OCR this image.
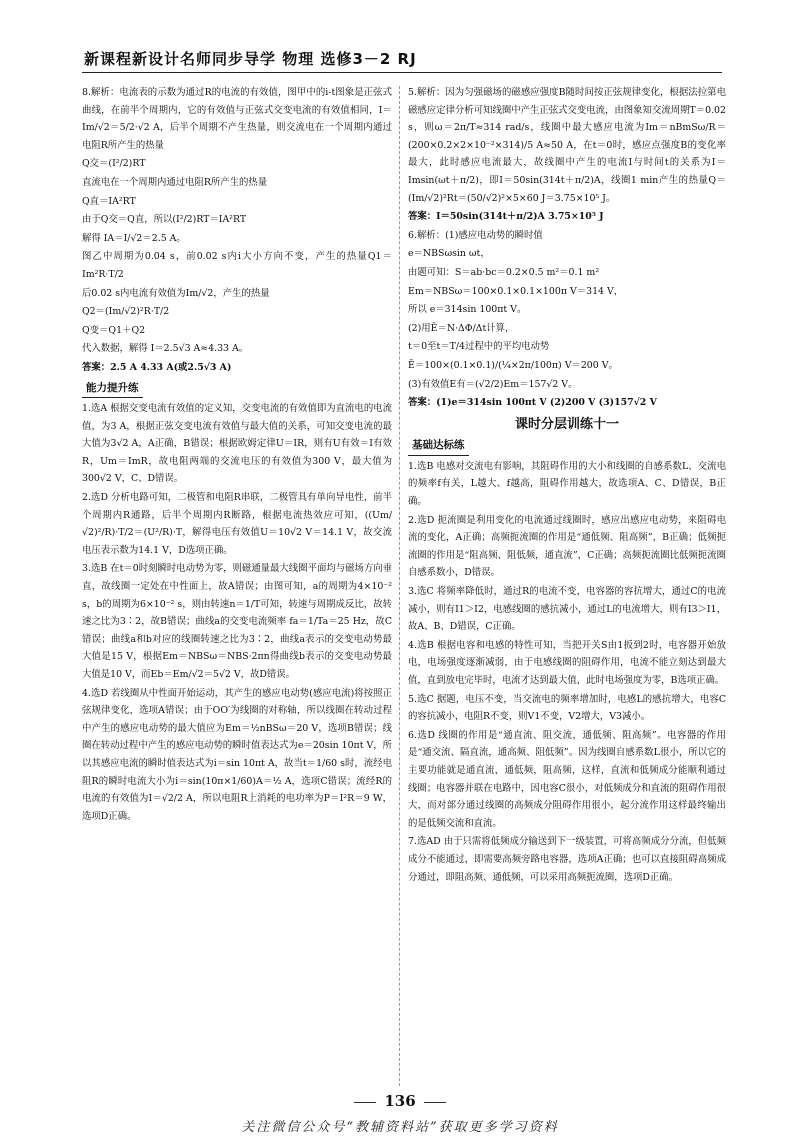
新课程新设计名师同步导学 物理 选修3－2 RJ

8.解析：电流表的示数为通过R的电流的有效值，图甲中的i-t图象是正弦式曲线，在前半个周期内，它的有效值与正弦式交变电流的有效值相同，I＝Im/√2＝5/2·√2 A，后半个周期不产生热量，则交流电在一个周期内通过电阻R所产生的热量

Q交＝(I²/2)RT

直流电在一个周期内通过电阻R所产生的热量

Q直＝IA²RT

由于Q交＝Q直，所以(I²/2)RT＝IA²RT

解得 IA＝I/√2＝2.5 A。

图乙中周期为0.04 s，前0.02 s内i大小方向不变，产生的热量Q1＝Im²R·T/2

后0.02 s内电流有效值为Im/√2，产生的热量

Q2＝(Im/√2)²R·T/2

Q变＝Q1＋Q2

代入数据，解得 I＝2.5√3 A≈4.33 A。

答案：2.5 A 4.33 A(或2.5√3 A)

能力提升练

1.选A 根据交变电流有效值的定义知，交变电流的有效值即为直流电的电流值，为3 A，根据正弦交变电流有效值与最大值的关系，可知交变电流的最大值为3√2 A，A正确，B错误；根据欧姆定律U＝IR，则有U有效＝I有效R，Um＝ImR，故电阻两端的交流电压的有效值为300 V，最大值为300√2 V，C、D错误。

2.选D 分析电路可知，二极管和电阻R串联，二极管具有单向导电性，前半个周期内R通路，后半个周期内R断路，根据电流热效应可知，((Um/√2)²/R)·T/2＝(U²/R)·T，解得电压有效值U＝10√2 V＝14.1 V，故交流电压表示数为14.1 V，D选项正确。

3.选B 在t＝0时刻瞬时电动势为零，则磁通量最大线圈平面均与磁场方向垂直，故线圈一定处在中性面上，故A错误；由图可知，a的周期为4×10⁻² s，b的周期为6×10⁻² s，则由转速n＝1/T可知，转速与周期成反比，故转速之比为3∶2，故B错误；曲线a的交变电流频率 fa＝1/Ta＝25 Hz，故C错误；曲线a和b对应的线圈转速之比为3∶2，曲线a表示的交变电动势最大值是15 V，根据Em＝NBSω＝NBS·2πn得曲线b表示的交变电动势最大值是10 V，而Eb＝Em/√2＝5√2 V，故D错误。

4.选D 若线圈从中性面开始运动，其产生的感应电动势(感应电流)将按照正弦规律变化，选项A错误；由于OO′为线圈的对称轴，所以线圈在转动过程中产生的感应电动势的最大值应为Em＝½nBSω＝20 V，选项B错误；线圈在转动过程中产生的感应电动势的瞬时值表达式为e＝20sin 10πt V，所以其感应电流的瞬时值表达式为i＝sin 10πt A，故当t＝1/60 s时，流经电阻R的瞬时电流大小为i＝sin(10π×1/60)A＝½ A，选项C错误；流经R的电流的有效值为I＝√2/2 A，所以电阻R上消耗的电功率为P＝I²R＝9 W，选项D正确。

5.解析：因为匀强磁场的磁感应强度B随时间按正弦规律变化，根据法拉第电磁感应定律分析可知线圈中产生正弦式交变电流，由图象知交流周期T＝0.02 s，则ω＝2π/T≈314 rad/s，线圈中最大感应电流为Im＝nBmSω/R＝(200×0.2×2×10⁻²×314)/5 A≈50 A，在t＝0时，感应点强度B的变化率最大，此时感应电流最大，故线圈中产生的电流I与时间t的关系为I＝Imsin(ωt＋π/2)，即I＝50sin(314t＋π/2)A，线圈1 min产生的热量Q＝(Im/√2)²Rt＝(50/√2)²×5×60 J＝3.75×10⁵ J。

答案：I＝50sin(314t＋π/2)A 3.75×10⁵ J

6.解析：(1)感应电动势的瞬时值

e＝NBSωsin ωt，

由题可知：S＝ab·bc＝0.2×0.5 m²＝0.1 m²

Em＝NBSω＝100×0.1×0.1×100π V＝314 V，

所以 e＝314sin 100πt V。

(2)用Ē＝N·ΔΦ/Δt计算，

t＝0至t＝T/4过程中的平均电动势

Ē＝100×(0.1×0.1)/(¼×2π/100π) V＝200 V。

(3)有效值E有＝(√2/2)Em＝157√2 V。

答案：(1)e＝314sin 100πt V (2)200 V (3)157√2 V

课时分层训练十一
基础达标练

1.选B 电感对交流电有影响，其阻碍作用的大小和线圈的自感系数L、交流电的频率f有关，L越大、f越高，阻碍作用越大，故选项A、C、D错误，B正确。

2.选D 扼流圈是利用变化的电流通过线圈时，感应出感应电动势，来阻碍电流的变化，A正确；高频扼流圈的作用是“通低频、阻高频”，B正确；低频扼流圈的作用是“阻高频、阻低频，通直流”，C正确；高频扼流圈比低频扼流圈自感系数小，D错误。

3.选C 将频率降低时，通过R的电流不变，电容器的容抗增大，通过C的电流减小，则有I1＞I2，电感线圈的感抗减小，通过L的电流增大，则有I3＞I1，故A、B、D错误，C正确。

4.选B 根据电容和电感的特性可知，当把开关S由1扳到2时，电容器开始放电，电场强度逐渐减弱，由于电感线圈的阻碍作用，电流不能立刻达到最大值，直到放电完毕时，电流才达到最大值，此时电场强度为零，B选项正确。

5.选C 据题，电压不变，当交流电的频率增加时，电感L的感抗增大，电容C的容抗减小，电阻R不变，则V1不变，V2增大，V3减小。

6.选D 线圈的作用是“通直流、阻交流，通低频、阻高频”。电容器的作用是“通交流、隔直流，通高频、阻低频”。因为线圈自感系数L很小，所以它的主要功能就是通直流，通低频，阻高频，这样，直流和低频成分能顺利通过线圈；电容器并联在电路中，因电容C很小，对低频成分和直流的阻碍作用很大，而对部分通过线圈的高频成分阻碍作用很小，起分流作用这样最终输出的是低频交流和直流。

7.选AD 由于只需将低频成分输送到下一级装置，可将高频成分分流，但低频成分不能通过，即需要高频旁路电容器，选项A正确；也可以直接阻碍高频成分通过，即阻高频、通低频，可以采用高频扼流圈，选项D正确。

136
关注微信公众号“教辅资料站”获取更多学习资料
